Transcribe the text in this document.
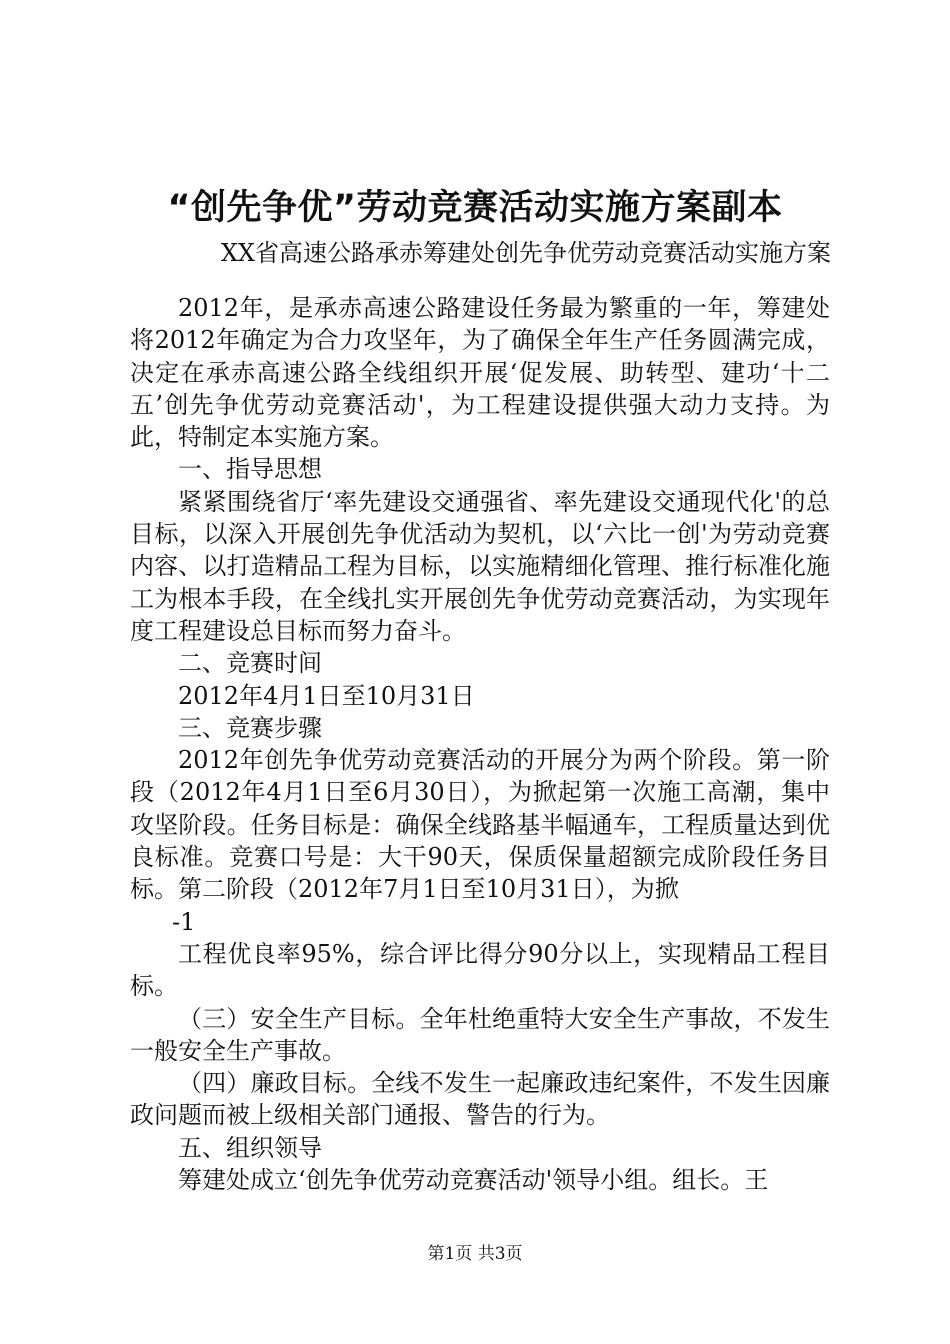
“创先争优”劳动竞赛活动实施方案副本
XX省高速公路承赤筹建处创先争优劳动竞赛活动实施方案

2012年，是承赤高速公路建设任务最为繁重的一年，筹建处将2012年确定为合力攻坚年，为了确保全年生产任务圆满完成，决定在承赤高速公路全线组织开展‘促发展、助转型、建功‘十二五’创先争优劳动竞赛活动'，为工程建设提供强大动力支持。为此，特制定本实施方案。

一、指导思想

紧紧围绕省厅‘率先建设交通强省、率先建设交通现代化'的总目标，以深入开展创先争优活动为契机，以‘六比一创'为劳动竞赛内容、以打造精品工程为目标，以实施精细化管理、推行标准化施工为根本手段，在全线扎实开展创先争优劳动竞赛活动，为实现年度工程建设总目标而努力奋斗。

二、竞赛时间

2012年4月1日至10月31日

三、竞赛步骤

2012年创先争优劳动竞赛活动的开展分为两个阶段。第一阶段（2012年4月1日至6月30日），为掀起第一次施工高潮，集中攻坚阶段。任务目标是：确保全线路基半幅通车，工程质量达到优良标准。竞赛口号是：大干90天，保质保量超额完成阶段任务目标。第二阶段（2012年7月1日至10月31日），为掀

-1

工程优良率95%，综合评比得分90分以上，实现精品工程目标。

（三）安全生产目标。全年杜绝重特大安全生产事故，不发生一般安全生产事故。

（四）廉政目标。全线不发生一起廉政违纪案件，不发生因廉政问题而被上级相关部门通报、警告的行为。

五、组织领导

筹建处成立‘创先争优劳动竞赛活动'领导小组。组长。王

第1页 共3页
